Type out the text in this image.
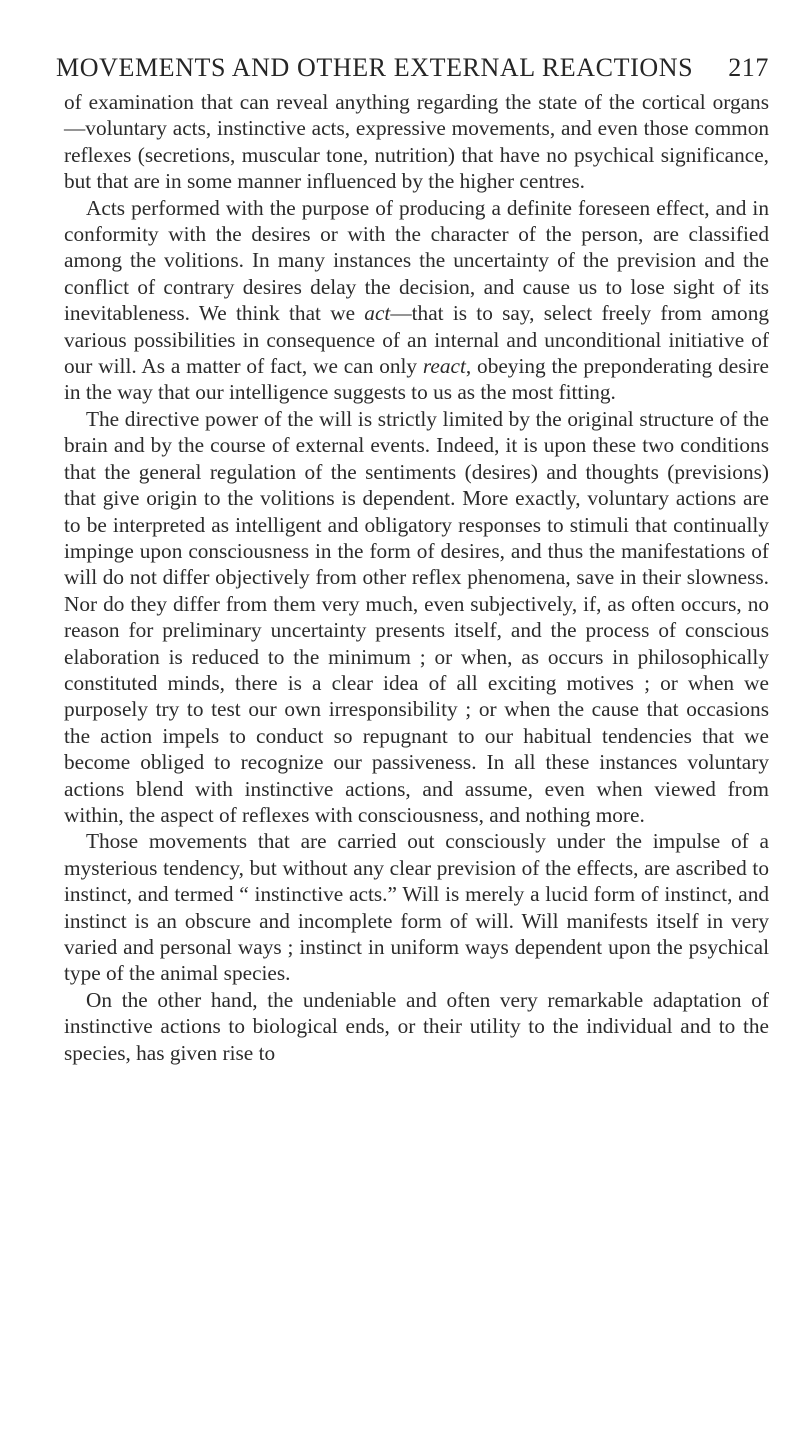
MOVEMENTS AND OTHER EXTERNAL REACTIONS 217

of examination that can reveal anything regarding the state of the cortical organs—voluntary acts, instinctive acts, expressive movements, and even those common reflexes (secretions, muscular tone, nutrition) that have no psychical significance, but that are in some manner influenced by the higher centres.

Acts performed with the purpose of producing a definite foreseen effect, and in conformity with the desires or with the character of the person, are classified among the volitions. In many instances the uncertainty of the prevision and the conflict of contrary desires delay the decision, and cause us to lose sight of its inevitableness. We think that we act—that is to say, select freely from among various possibilities in consequence of an internal and unconditional initiative of our will. As a matter of fact, we can only react, obeying the preponderating desire in the way that our intelligence suggests to us as the most fitting.

The directive power of the will is strictly limited by the original structure of the brain and by the course of external events. Indeed, it is upon these two conditions that the general regulation of the sentiments (desires) and thoughts (previsions) that give origin to the volitions is dependent. More exactly, voluntary actions are to be interpreted as intelligent and obligatory responses to stimuli that continually impinge upon consciousness in the form of desires, and thus the manifestations of will do not differ objectively from other reflex phenomena, save in their slowness. Nor do they differ from them very much, even subjectively, if, as often occurs, no reason for preliminary uncertainty presents itself, and the process of conscious elaboration is reduced to the minimum ; or when, as occurs in philosophically constituted minds, there is a clear idea of all exciting motives ; or when we purposely try to test our own irresponsibility ; or when the cause that occasions the action impels to conduct so repugnant to our habitual tendencies that we become obliged to recognize our passiveness. In all these instances voluntary actions blend with instinctive actions, and assume, even when viewed from within, the aspect of reflexes with consciousness, and nothing more.

Those movements that are carried out consciously under the impulse of a mysterious tendency, but without any clear prevision of the effects, are ascribed to instinct, and termed “ instinctive acts.” Will is merely a lucid form of instinct, and instinct is an obscure and incomplete form of will. Will manifests itself in very varied and personal ways ; instinct in uniform ways dependent upon the psychical type of the animal species.

On the other hand, the undeniable and often very remarkable adaptation of instinctive actions to biological ends, or their utility to the individual and to the species, has given rise to
